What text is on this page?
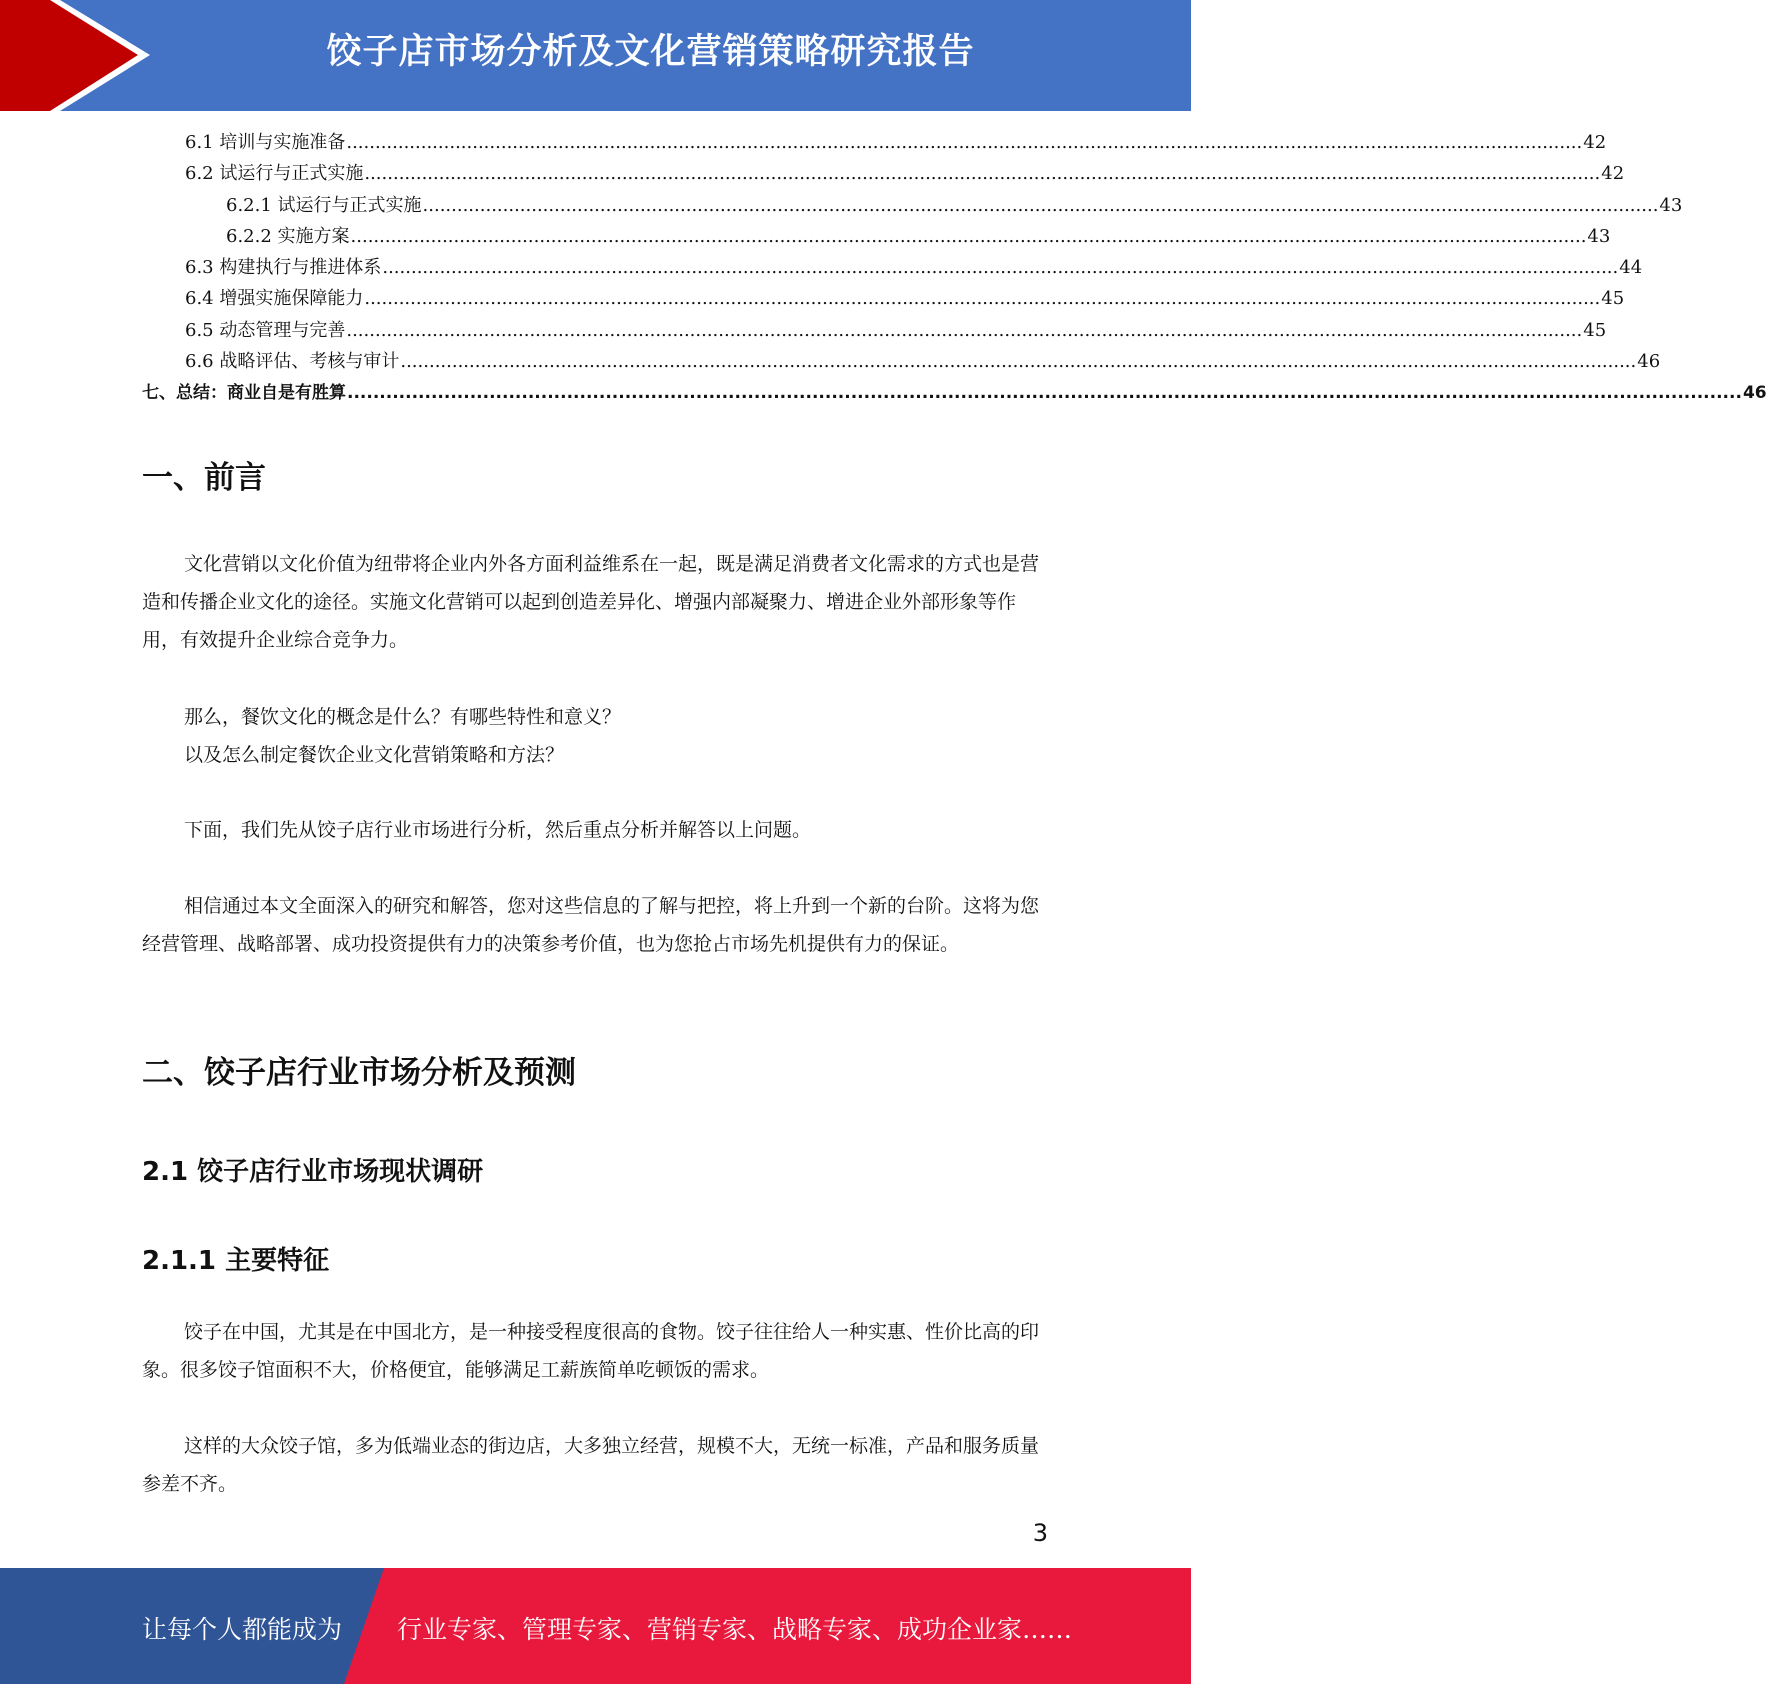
饺子店市场分析及文化营销策略研究报告
6.1 培训与实施准备 ........................................................................................................................................................................................................................ 42
6.2 试运行与正式实施 ........................................................................................................................................................................................................................ 42
6.2.1 试运行与正式实施 ........................................................................................................................................................................................................................ 43
6.2.2 实施方案 ........................................................................................................................................................................................................................ 43
6.3 构建执行与推进体系 ........................................................................................................................................................................................................................ 44
6.4 增强实施保障能力 ........................................................................................................................................................................................................................ 45
6.5 动态管理与完善 ........................................................................................................................................................................................................................ 45
6.6 战略评估、考核与审计 ........................................................................................................................................................................................................................ 46
七、总结：商业自是有胜算 ........................................................................................................................................................................................................................ 46
一、前言

文化营销以文化价值为纽带将企业内外各方面利益维系在一起，既是满足消费者文化需求的方式也是营造和传播企业文化的途径。实施文化营销可以起到创造差异化、增强内部凝聚力、增进企业外部形象等作用，有效提升企业综合竞争力。

那么，餐饮文化的概念是什么？有哪些特性和意义？

以及怎么制定餐饮企业文化营销策略和方法？

下面，我们先从饺子店行业市场进行分析，然后重点分析并解答以上问题。

相信通过本文全面深入的研究和解答，您对这些信息的了解与把控，将上升到一个新的台阶。这将为您经营管理、战略部署、成功投资提供有力的决策参考价值，也为您抢占市场先机提供有力的保证。

二、饺子店行业市场分析及预测
2.1 饺子店行业市场现状调研
2.1.1 主要特征

饺子在中国，尤其是在中国北方，是一种接受程度很高的食物。饺子往往给人一种实惠、性价比高的印象。很多饺子馆面积不大，价格便宜，能够满足工薪族简单吃顿饭的需求。

这样的大众饺子馆，多为低端业态的街边店，大多独立经营，规模不大，无统一标准，产品和服务质量参差不齐。

3
让每个人都能成为 行业专家、管理专家、营销专家、战略专家、成功企业家……
